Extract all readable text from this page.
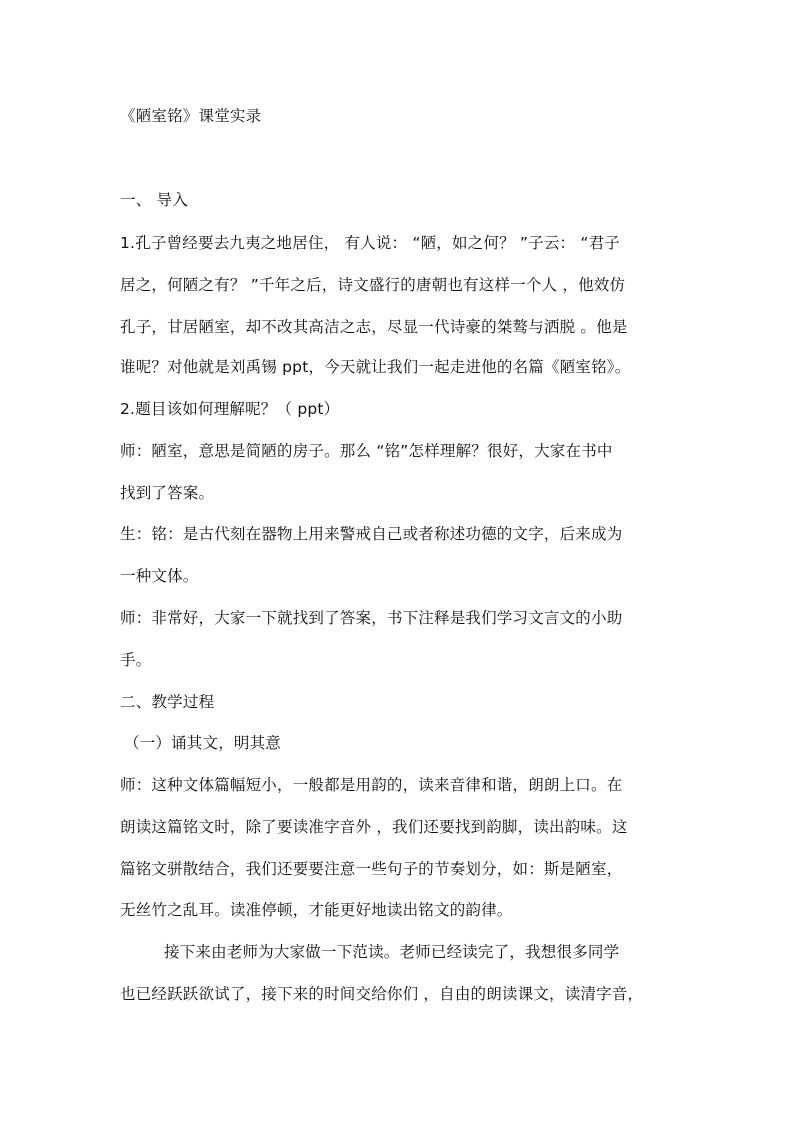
《陋室铭》课堂实录
一、 导入
1.孔子曾经要去九夷之地居住， 有人说： “陋，如之何？ ”子云： “君子
居之，何陋之有？ ”千年之后，诗文盛行的唐朝也有这样一个人 ，他效仿
孔子，甘居陋室，却不改其高洁之志，尽显一代诗豪的桀骜与洒脱 。他是
谁呢？对他就是刘禹锡 ppt，今天就让我们一起走进他的名篇《陋室铭》。
2.题目该如何理解呢？（ ppt）
师：陋室，意思是简陋的房子。那么 “铭”怎样理解？很好，大家在书中
找到了答案。
生：铭：是古代刻在器物上用来警戒自己或者称述功德的文字，后来成为
一种文体。
师：非常好，大家一下就找到了答案，书下注释是我们学习文言文的小助
手。
二、教学过程
（一）诵其文，明其意
师：这种文体篇幅短小，一般都是用韵的，读来音律和谐，朗朗上口。在
朗读这篇铭文时，除了要读准字音外 ，我们还要找到韵脚，读出韵味。这
篇铭文骈散结合，我们还要要注意一些句子的节奏划分，如：斯是陋室，
无丝竹之乱耳。读准停顿，才能更好地读出铭文的韵律。
接下来由老师为大家做一下范读。老师已经读完了，我想很多同学
也已经跃跃欲试了，接下来的时间交给你们 ，自由的朗读课文，读清字音，
